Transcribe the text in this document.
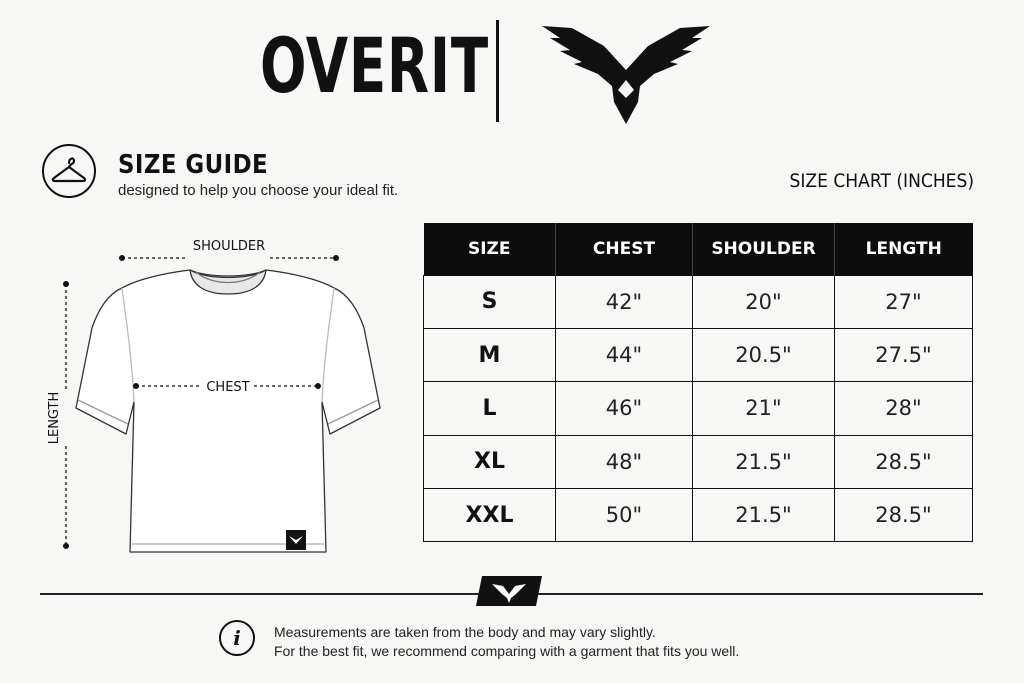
OVERIT
SIZE GUIDE
designed to help you choose your ideal fit.	SIZE CHART (INCHES)
SHOULDER
CHEST
LENGTH
SIZE	CHEST	SHOULDER	LENGTH
S	42"	20"	27"
M	44"	20.5"	27.5"
L	46"	21"	28"
XL	48"	21.5"	28.5"
XXL	50"	21.5"	28.5"
i	Measurements are taken from the body and may vary slightly.
For the best fit, we recommend comparing with a garment that fits you well.
